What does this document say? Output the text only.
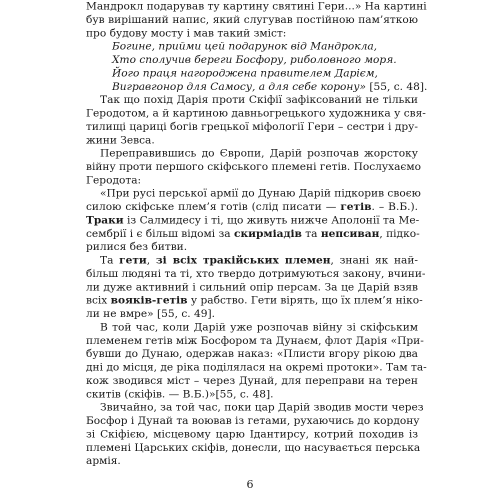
Мандрокл подарував ту картину святині Гери...» На картині
був вирішаний напис, який слугував постійною пам’яткою
про будову мосту і мав такий зміст:
Богине, прийми цей подарунок від Мандрокла,
Хто сполучив береги Босфору, риболовного моря.
Його праця нагороджена правителем Дарієм,
Вигравгонор для Самосу, а для себе корону» [55, с. 48].
Так що похід Дарія проти Скіфії зафіксований не тільки
Геродотом, а й картиною давньогрецького художника у свя-
тилищі цариці богів грецької міфології Гери – сестри і дру-
жини Зевса.
Переправившись до Європи, Дарій розпочав жорстоку
війну проти першого скіфського племені гетів. Послухаємо
Геродота:
«При русі перської армії до Дунаю Дарій підкорив своєю
силою скіфське плем’я готів (слід писати — гетів. – В.Б.).
Траки із Салмидесу і ті, що живуть нижче Аполонії та Ме-
сембрії і є більш відомі за скирміадів та непсиван, підко-
рилися без битви.
Та гети, зі всіх тракійських племен, знані як най-
більш людяні та ті, хто твердо дотримуються закону, вчини-
ли дуже активний і сильний опір персам. За це Дарій взяв
всіх вояків-гетів у рабство. Гети вірять, що їх плем’я ніко-
ли не вмре» [55, с. 49].
В той час, коли Дарій уже розпочав війну зі скіфським
племенем гетів між Босфором та Дунаєм, флот Дарія «При-
бувши до Дунаю, одержав наказ: «Плисти вгору рікою два
дні до місця, де ріка поділялася на окремі протоки». Там та-
кож зводився міст – через Дунай, для переправи на терен
скитів (скіфів. — В.Б.)»[55, с. 48].
Звичайно, за той час, поки цар Дарій зводив мости через
Босфор і Дунай та воював із гетами, рухаючись до кордону
зі Скіфією, місцевому царю Ідантирсу, котрий походив із
племені Царських скіфів, донесли, що насувається перська
армія.
6
